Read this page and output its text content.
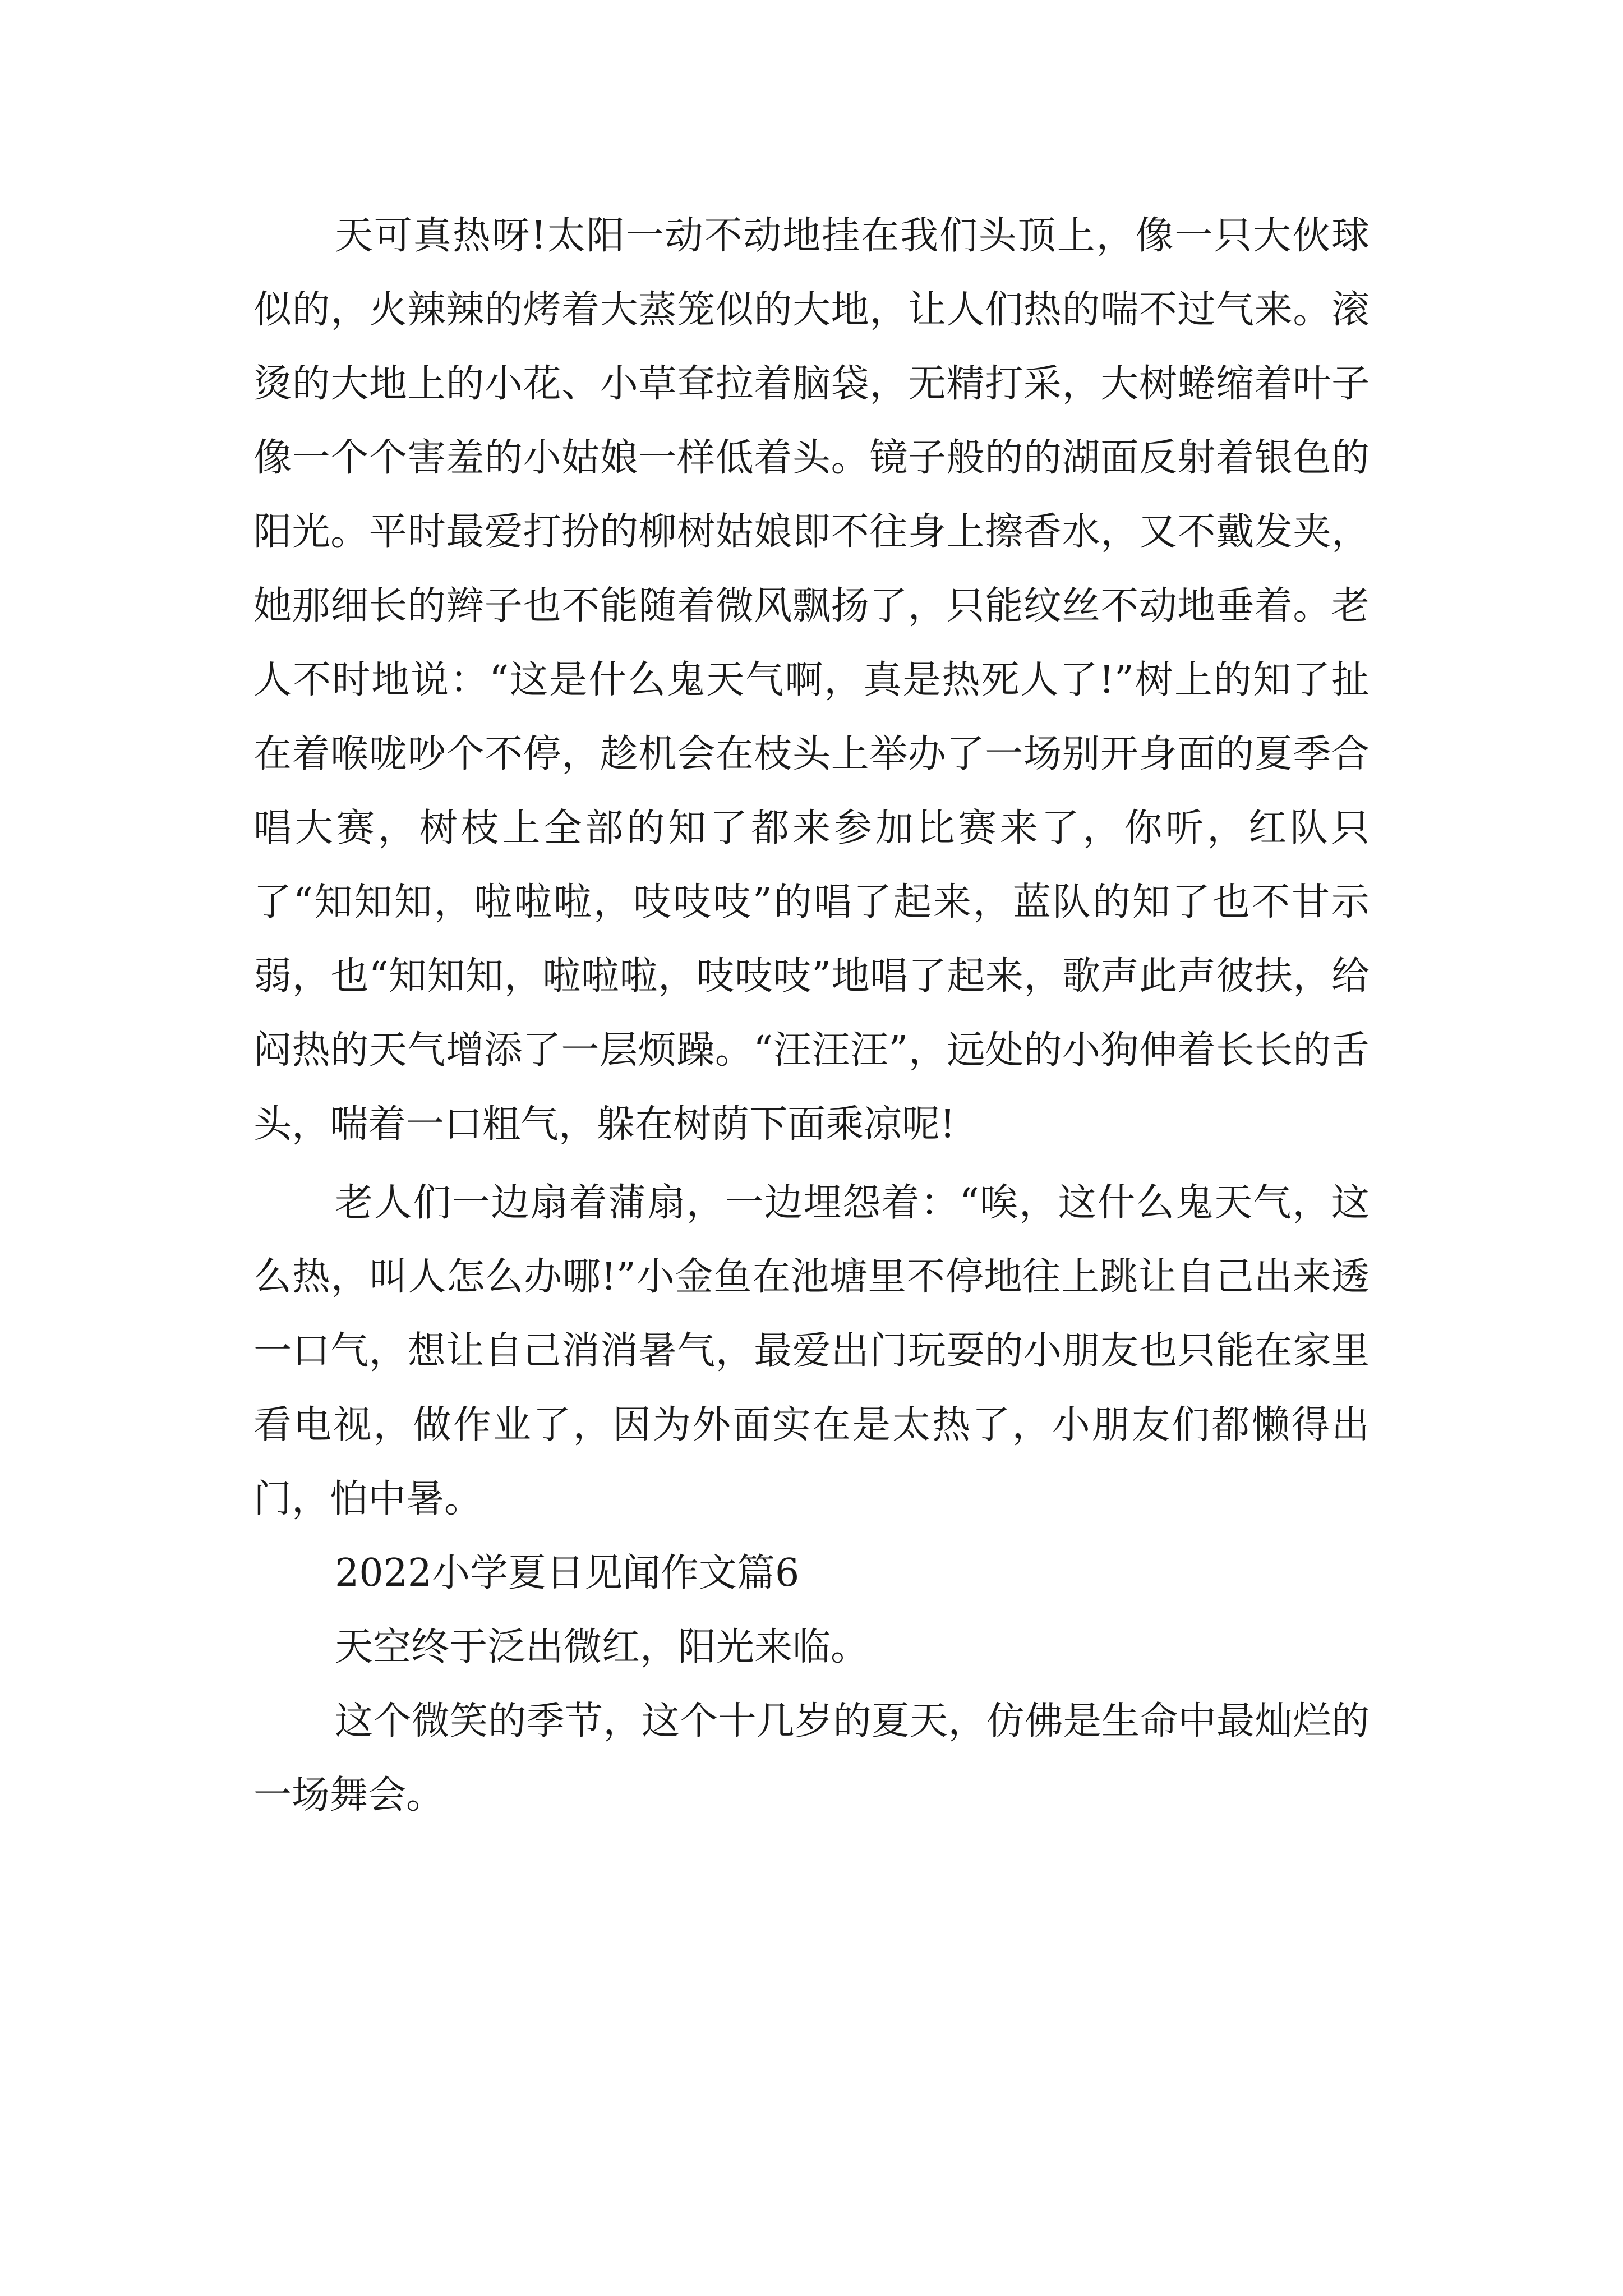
天可真热呀!太阳一动不动地挂在我们头顶上，像一只大伙球似的，火辣辣的烤着大蒸笼似的大地，让人们热的喘不过气来。滚烫的大地上的小花、小草耷拉着脑袋，无精打采，大树蜷缩着叶子像一个个害羞的小姑娘一样低着头。镜子般的的湖面反射着银色的阳光。平时最爱打扮的柳树姑娘即不往身上擦香水，又不戴发夹，她那细长的辫子也不能随着微风飘扬了，只能纹丝不动地垂着。老人不时地说：“这是什么鬼天气啊，真是热死人了!”树上的知了扯在着喉咙吵个不停，趁机会在枝头上举办了一场别开身面的夏季合唱大赛，树枝上全部的知了都来参加比赛来了，你听，红队只了“知知知，啦啦啦，吱吱吱”的唱了起来，蓝队的知了也不甘示弱，也“知知知，啦啦啦，吱吱吱”地唱了起来，歌声此声彼扶，给闷热的天气增添了一层烦躁。“汪汪汪”，远处的小狗伸着长长的舌头，喘着一口粗气，躲在树荫下面乘凉呢!

老人们一边扇着蒲扇，一边埋怨着：“唉，这什么鬼天气，这么热，叫人怎么办哪!”小金鱼在池塘里不停地往上跳让自己出来透一口气，想让自己消消暑气，最爱出门玩耍的小朋友也只能在家里看电视，做作业了，因为外面实在是太热了，小朋友们都懒得出门，怕中暑。

2022小学夏日见闻作文篇6

天空终于泛出微红，阳光来临。

这个微笑的季节，这个十几岁的夏天，仿佛是生命中最灿烂的一场舞会。
